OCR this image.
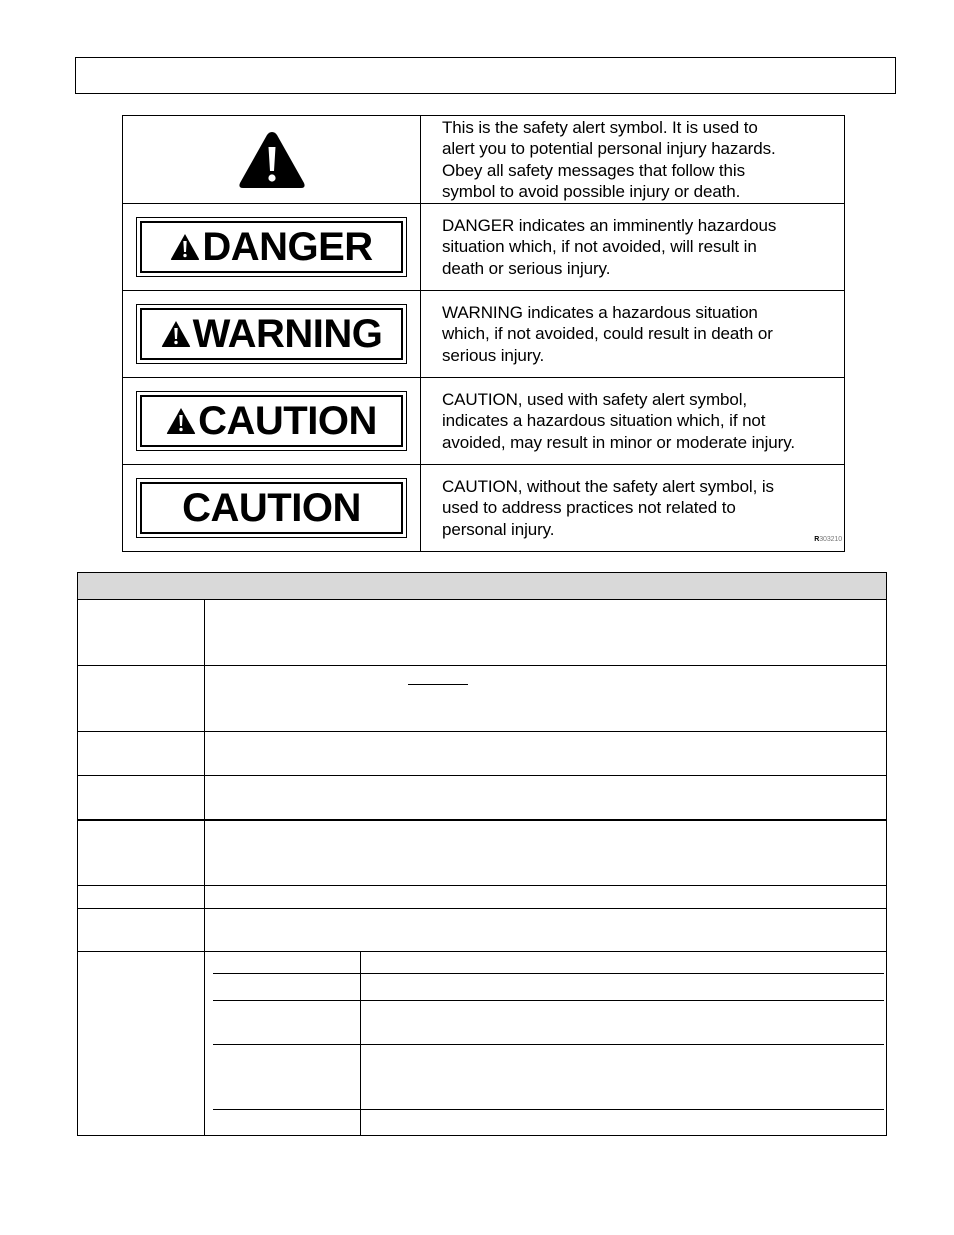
This is the safety alert symbol. It is used to
alert you to potential personal injury hazards.
Obey all safety messages that follow this
symbol to avoid possible injury or death.

DANGER	DANGER indicates an imminently hazardous
situation which, if not avoided, will result in
death or serious injury.

WARNING	WARNING indicates a hazardous situation
which, if not avoided, could result in death or
serious injury.

CAUTION	CAUTION, used with safety alert symbol,
indicates a hazardous situation which, if not
avoided, may result in minor or moderate injury.

CAUTION	CAUTION, without the safety alert symbol, is
used to address practices not related to
personal injury.
R303210
